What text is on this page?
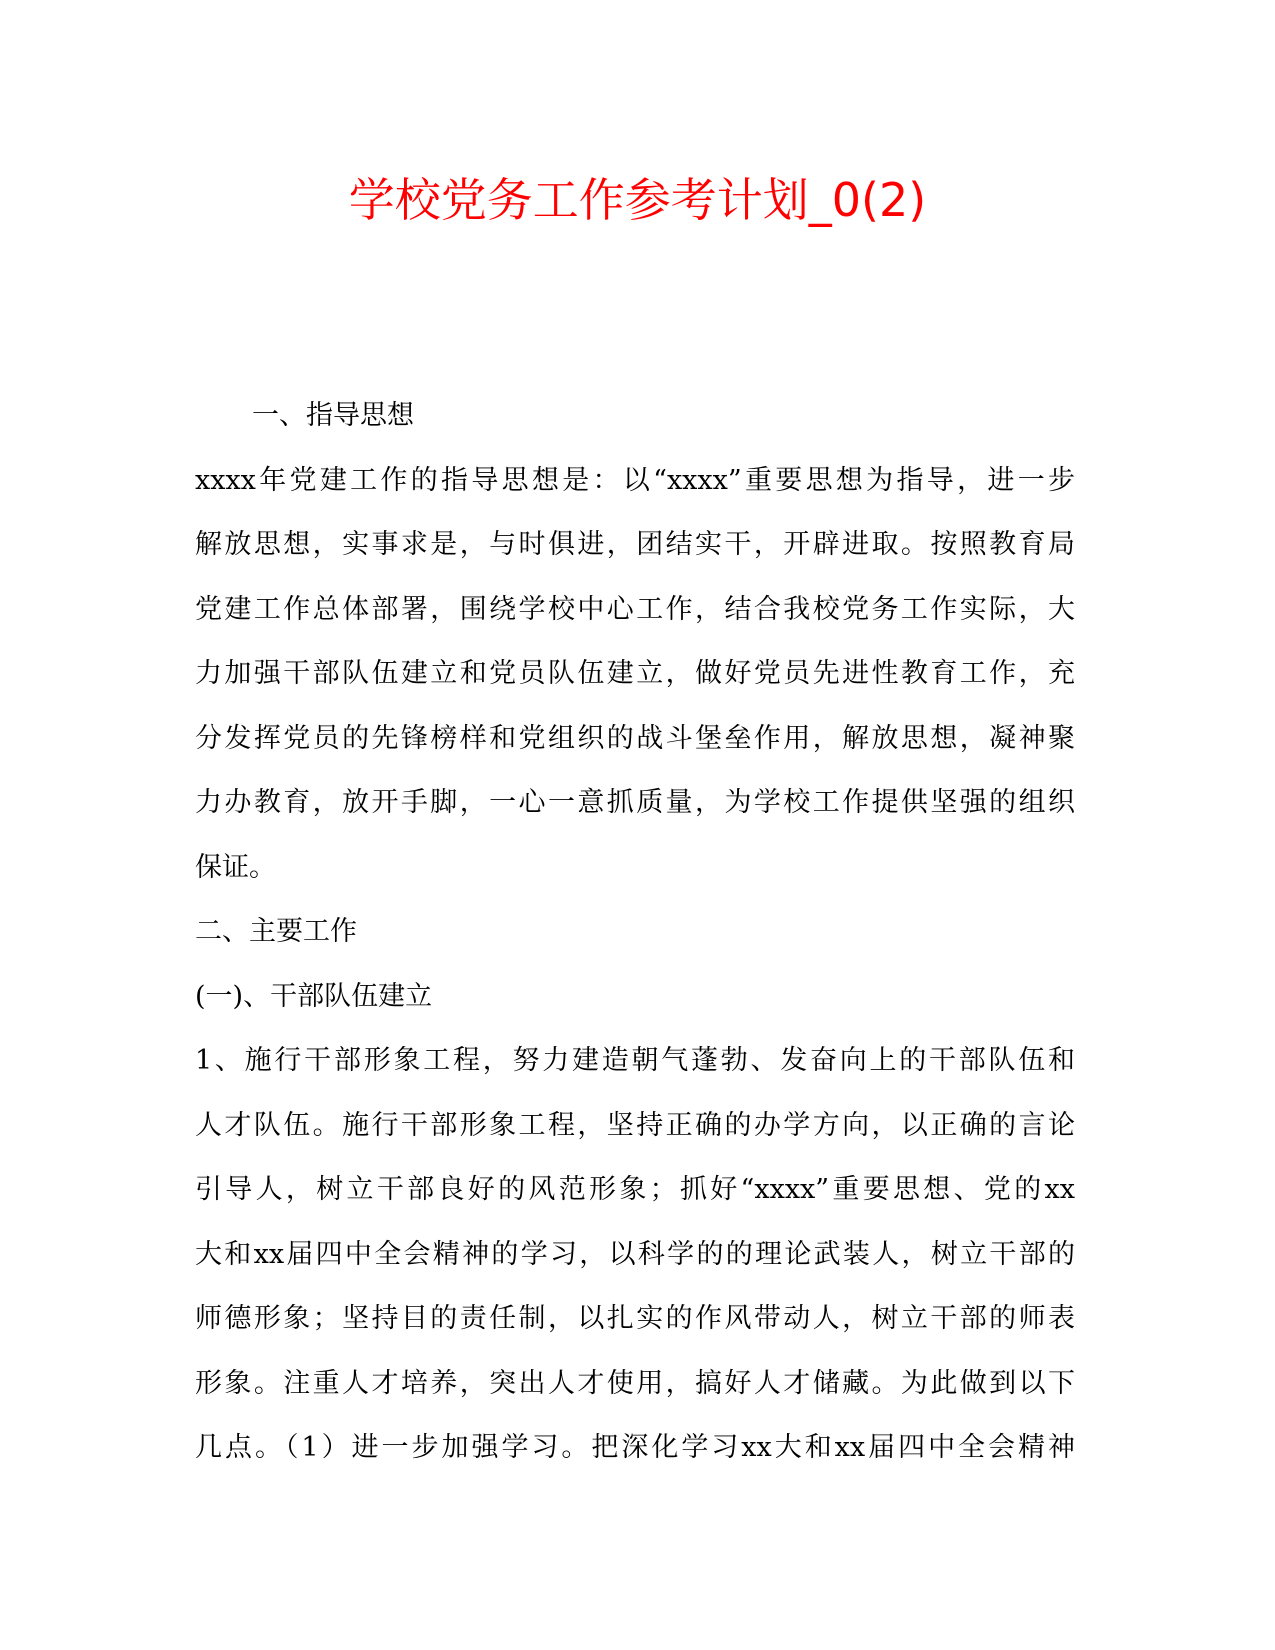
学校党务工作参考计划_0(2)
一、指导思想
xxxx年党建工作的指导思想是：以“xxxx”重要思想为指导，进一步
解放思想，实事求是，与时俱进，团结实干，开辟进取。按照教育局
党建工作总体部署，围绕学校中心工作，结合我校党务工作实际，大
力加强干部队伍建立和党员队伍建立，做好党员先进性教育工作，充
分发挥党员的先锋榜样和党组织的战斗堡垒作用，解放思想，凝神聚
力办教育，放开手脚，一心一意抓质量，为学校工作提供坚强的组织
保证。
二、主要工作
(一)、干部队伍建立
1、施行干部形象工程，努力建造朝气蓬勃、发奋向上的干部队伍和
人才队伍。施行干部形象工程，坚持正确的办学方向，以正确的言论
引导人，树立干部良好的风范形象；抓好“xxxx”重要思想、党的xx
大和xx届四中全会精神的学习，以科学的的理论武装人，树立干部的
师德形象；坚持目的责任制，以扎实的作风带动人，树立干部的师表
形象。注重人才培养，突出人才使用，搞好人才储藏。为此做到以下
几点。（1）进一步加强学习。把深化学习xx大和xx届四中全会精神
